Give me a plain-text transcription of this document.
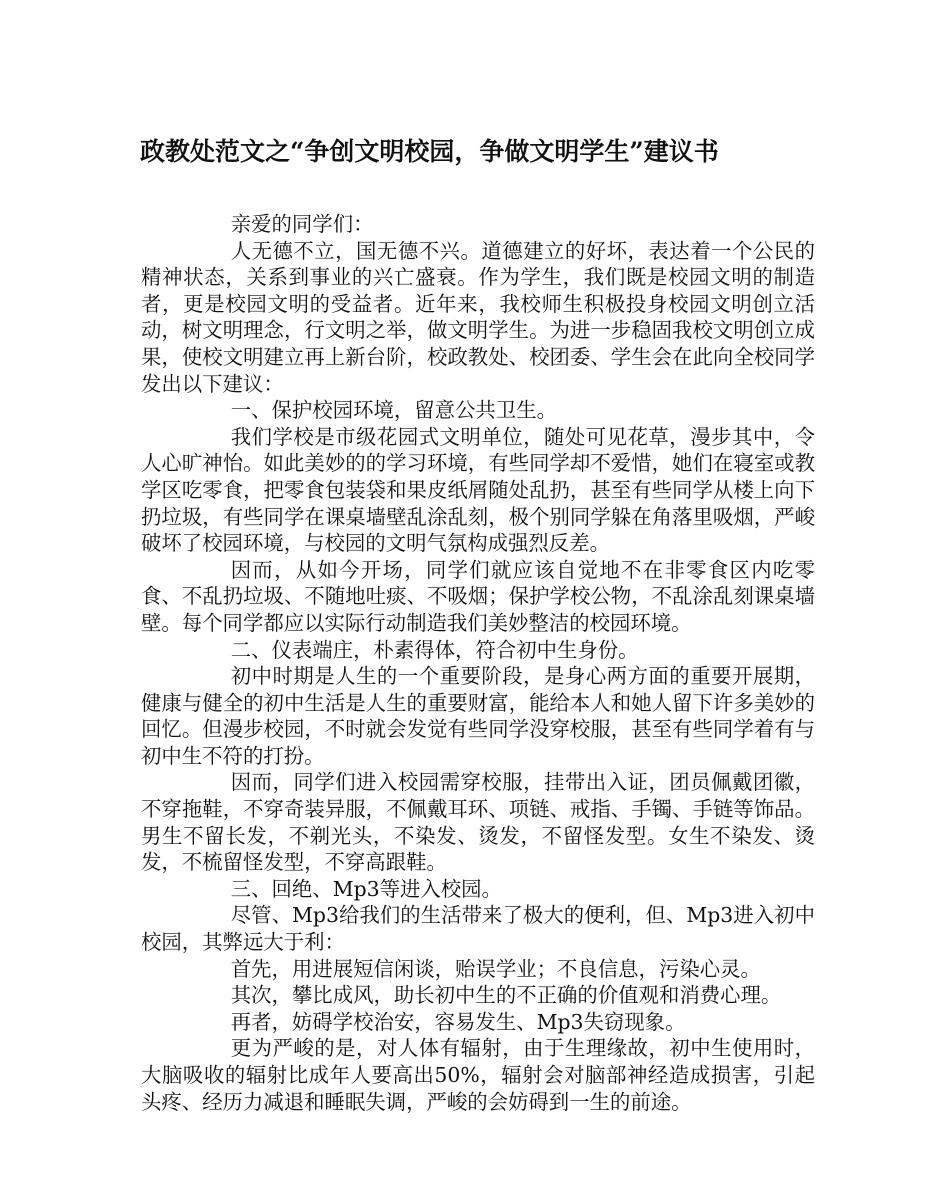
政教处范文之“争创文明校园，争做文明学生”建议书

亲爱的同学们：

人无德不立，国无德不兴。道德建立的好坏，表达着一个公民的精神状态，关系到事业的兴亡盛衰。作为学生，我们既是校园文明的制造者，更是校园文明的受益者。近年来，我校师生积极投身校园文明创立活动，树文明理念，行文明之举，做文明学生。为进一步稳固我校文明创立成果，使校文明建立再上新台阶，校政教处、校团委、学生会在此向全校同学发出以下建议：

一、保护校园环境，留意公共卫生。

我们学校是市级花园式文明单位，随处可见花草，漫步其中，令人心旷神怡。如此美妙的的学习环境，有些同学却不爱惜，她们在寝室或教学区吃零食，把零食包装袋和果皮纸屑随处乱扔，甚至有些同学从楼上向下扔垃圾，有些同学在课桌墙壁乱涂乱刻，极个别同学躲在角落里吸烟，严峻破坏了校园环境，与校园的文明气氛构成强烈反差。

因而，从如今开场，同学们就应该自觉地不在非零食区内吃零食、不乱扔垃圾、不随地吐痰、不吸烟；保护学校公物，不乱涂乱刻课桌墙壁。每个同学都应以实际行动制造我们美妙整洁的校园环境。

二、仪表端庄，朴素得体，符合初中生身份。

初中时期是人生的一个重要阶段，是身心两方面的重要开展期，健康与健全的初中生活是人生的重要财富，能给本人和她人留下许多美妙的回忆。但漫步校园，不时就会发觉有些同学没穿校服，甚至有些同学着有与初中生不符的打扮。

因而，同学们进入校园需穿校服，挂带出入证，团员佩戴团徽，不穿拖鞋，不穿奇装异服，不佩戴耳环、项链、戒指、手镯、手链等饰品。男生不留长发，不剃光头，不染发、烫发，不留怪发型。女生不染发、烫发，不梳留怪发型，不穿高跟鞋。

三、回绝、Mp3等进入校园。

尽管、Mp3给我们的生活带来了极大的便利，但、Mp3进入初中校园，其弊远大于利：

首先，用进展短信闲谈，贻误学业；不良信息，污染心灵。

其次，攀比成风，助长初中生的不正确的价值观和消费心理。

再者，妨碍学校治安，容易发生、Mp3失窃现象。

更为严峻的是，对人体有辐射，由于生理缘故，初中生使用时，大脑吸收的辐射比成年人要高出50%，辐射会对脑部神经造成损害，引起头疼、经历力减退和睡眠失调，严峻的会妨碍到一生的前途。
